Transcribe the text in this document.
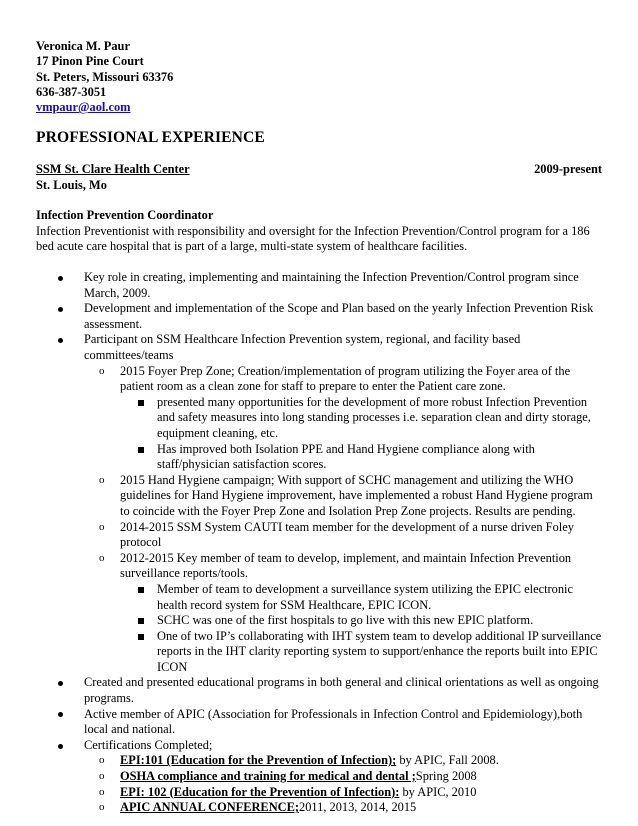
Veronica M. Paur
17 Pinon Pine Court
St. Peters, Missouri 63376
636-387-3051
vmpaur@aol.com
PROFESSIONAL EXPERIENCE
SSM St. Clare Health Center	2009-present
St. Louis, Mo
Infection Prevention Coordinator
Infection Preventionist with responsibility and oversight for the Infection Prevention/Control program for a 186 bed acute care hospital that is part of a large, multi-state system of healthcare facilities.
Key role in creating, implementing and maintaining the Infection Prevention/Control program since March, 2009.
Development and implementation of the Scope and Plan based on the yearly Infection Prevention Risk assessment.
Participant on SSM Healthcare Infection Prevention system, regional, and facility based committees/teams
o 2015 Foyer Prep Zone; Creation/implementation of program utilizing the Foyer area of the patient room as a clean zone for staff to prepare to enter the Patient care zone.
presented many opportunities for the development of more robust Infection Prevention and safety measures into long standing processes i.e. separation clean and dirty storage, equipment cleaning, etc.
Has improved both Isolation PPE and Hand Hygiene compliance along with staff/physician satisfaction scores.
o 2015 Hand Hygiene campaign; With support of SCHC management and utilizing the WHO guidelines for Hand Hygiene improvement, have implemented a robust Hand Hygiene program to coincide with the Foyer Prep Zone and Isolation Prep Zone projects. Results are pending.
o 2014-2015 SSM System CAUTI team member for the development of a nurse driven Foley protocol
o 2012-2015 Key member of team to develop, implement, and maintain Infection Prevention surveillance reports/tools.
Member of team to development a surveillance system utilizing the EPIC electronic health record system for SSM Healthcare, EPIC ICON.
SCHC was one of the first hospitals to go live with this new EPIC platform.
One of two IP’s collaborating with IHT system team to develop additional IP surveillance reports in the IHT clarity reporting system to support/enhance the reports built into EPIC ICON
Created and presented educational programs in both general and clinical orientations as well as ongoing programs.
Active member of APIC (Association for Professionals in Infection Control and Epidemiology),both local and national.
Certifications Completed;
o EPI:101 (Education for the Prevention of Infection); by APIC, Fall 2008.
o OSHA compliance and training for medical and dental ;Spring 2008
o EPI: 102 (Education for the Prevention of Infection): by APIC, 2010
o APIC ANNUAL CONFERENCE;2011, 2013, 2014, 2015
